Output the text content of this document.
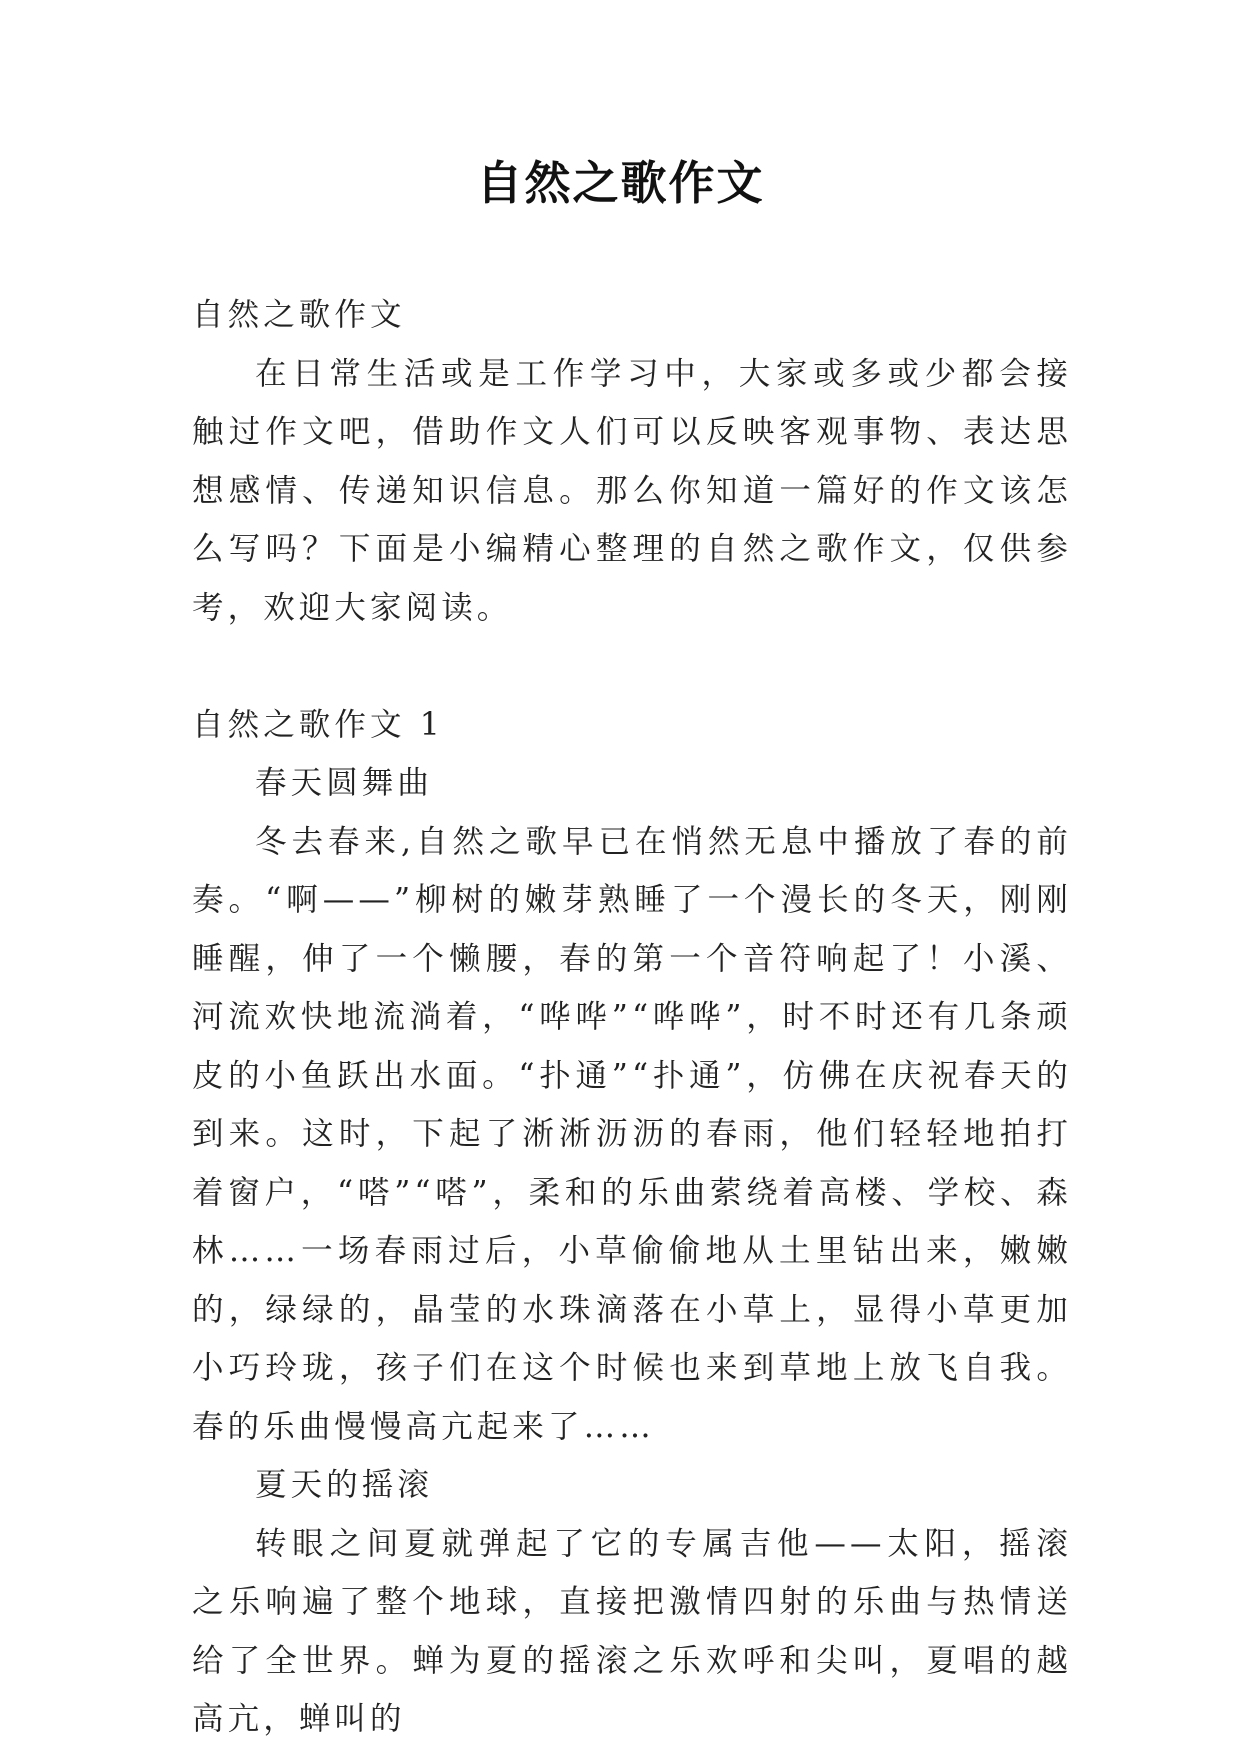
自然之歌作文

自然之歌作文

在日常生活或是工作学习中，大家或多或少都会接触过作文吧，借助作文人们可以反映客观事物、表达思想感情、传递知识信息。那么你知道一篇好的作文该怎么写吗？下面是小编精心整理的自然之歌作文，仅供参考，欢迎大家阅读。

自然之歌作文 1

春天圆舞曲

冬去春来,自然之歌早已在悄然无息中播放了春的前奏。“啊——”柳树的嫩芽熟睡了一个漫长的冬天，刚刚睡醒，伸了一个懒腰，春的第一个音符响起了！小溪、河流欢快地流淌着，“哗哗”“哗哗”，时不时还有几条顽皮的小鱼跃出水面。“扑通”“扑通”，仿佛在庆祝春天的到来。这时，下起了淅淅沥沥的春雨，他们轻轻地拍打着窗户，“嗒”“嗒”，柔和的乐曲萦绕着高楼、学校、森林……一场春雨过后，小草偷偷地从土里钻出来，嫩嫩的，绿绿的，晶莹的水珠滴落在小草上，显得小草更加小巧玲珑，孩子们在这个时候也来到草地上放飞自我。春的乐曲慢慢高亢起来了……

夏天的摇滚

转眼之间夏就弹起了它的专属吉他——太阳，摇滚之乐响遍了整个地球，直接把激情四射的乐曲与热情送给了全世界。蝉为夏的摇滚之乐欢呼和尖叫，夏唱的越高亢，蝉叫的
